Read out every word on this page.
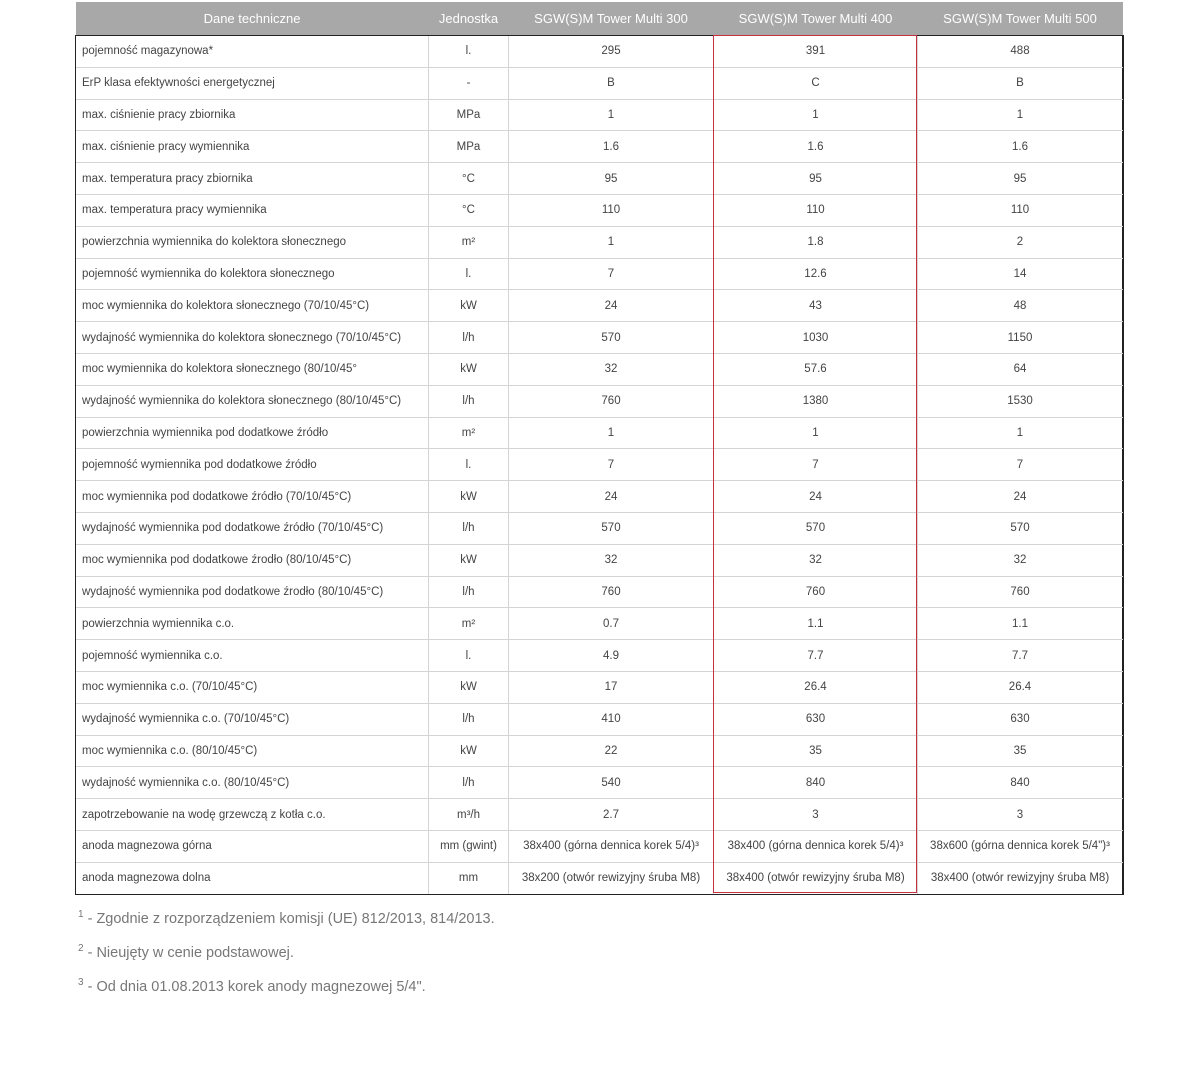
Dane techniczne	Jednostka	SGW(S)M Tower Multi 300	SGW(S)M Tower Multi 400	SGW(S)M Tower Multi 500
pojemność magazynowa*	l.	295	391	488
ErP klasa efektywności energetycznej	-	B	C	B
max. ciśnienie pracy zbiornika	MPa	1	1	1
max. ciśnienie pracy wymiennika	MPa	1.6	1.6	1.6
max. temperatura pracy zbiornika	°C	95	95	95
max. temperatura pracy wymiennika	°C	110	110	110
powierzchnia wymiennika do kolektora słonecznego	m²	1	1.8	2
pojemność wymiennika do kolektora słonecznego	l.	7	12.6	14
moc wymiennika do kolektora słonecznego (70/10/45°C)	kW	24	43	48
wydajność wymiennika do kolektora słonecznego (70/10/45°C)	l/h	570	1030	1150
moc wymiennika do kolektora słonecznego (80/10/45°	kW	32	57.6	64
wydajność wymiennika do kolektora słonecznego (80/10/45°C)	l/h	760	1380	1530
powierzchnia wymiennika pod dodatkowe źródło	m²	1	1	1
pojemność wymiennika pod dodatkowe źródło	l.	7	7	7
moc wymiennika pod dodatkowe źródło (70/10/45°C)	kW	24	24	24
wydajność wymiennika pod dodatkowe źródło (70/10/45°C)	l/h	570	570	570
moc wymiennika pod dodatkowe źrodło (80/10/45°C)	kW	32	32	32
wydajność wymiennika pod dodatkowe źrodło (80/10/45°C)	l/h	760	760	760
powierzchnia wymiennika c.o.	m²	0.7	1.1	1.1
pojemność wymiennika c.o.	l.	4.9	7.7	7.7
moc wymiennika c.o. (70/10/45°C)	kW	17	26.4	26.4
wydajność wymiennika c.o. (70/10/45°C)	l/h	410	630	630
moc wymiennika c.o. (80/10/45°C)	kW	22	35	35
wydajność wymiennika c.o. (80/10/45°C)	l/h	540	840	840
zapotrzebowanie na wodę grzewczą z kotła c.o.	m³/h	2.7	3	3
anoda magnezowa górna	mm (gwint)	38x400 (górna dennica korek 5/4)³	38x400 (górna dennica korek 5/4)³	38x600 (górna dennica korek 5/4")³
anoda magnezowa dolna	mm	38x200 (otwór rewizyjny śruba M8)	38x400 (otwór rewizyjny śruba M8)	38x400 (otwór rewizyjny śruba M8)

$^1$ - Zgodnie z rozporządzeniem komisji (UE) 812/2013, 814/2013.

$^2$ - Nieujęty w cenie podstawowej.

$^3$ - Od dnia 01.08.2013 korek anody magnezowej 5/4".
